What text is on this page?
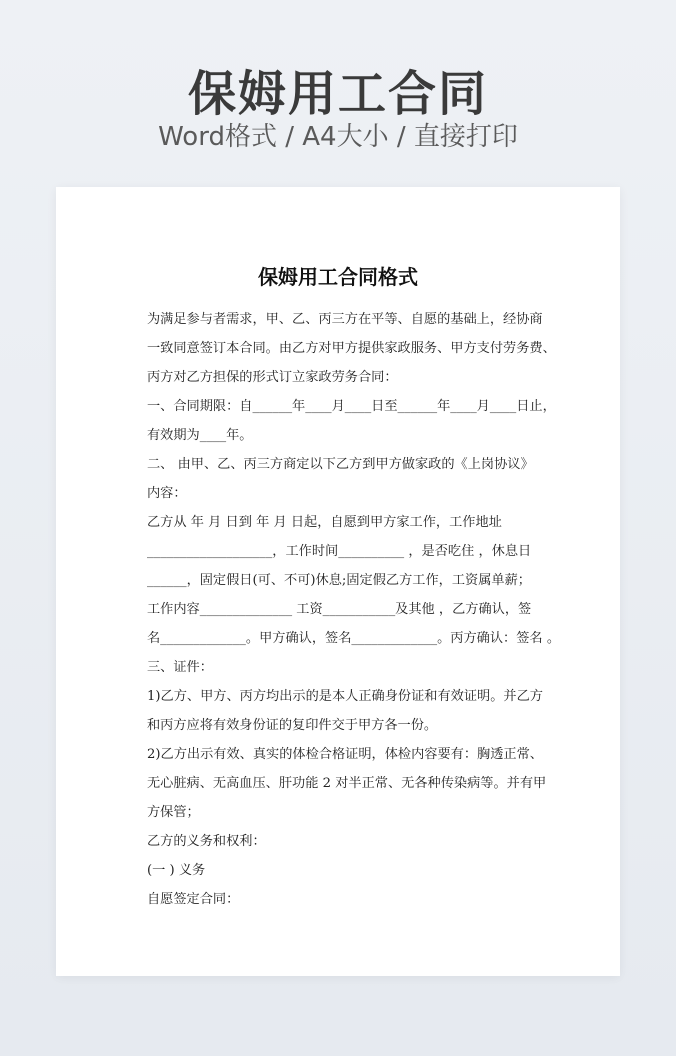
保姆用工合同
Word格式 / A4大小 / 直接打印
保姆用工合同格式

为满足参与者需求，甲、乙、丙三方在平等、自愿的基础上，经协商

一致同意签订本合同。由乙方对甲方提供家政服务、甲方支付劳务费、

丙方对乙方担保的形式订立家政劳务合同：

一、合同期限：自______年____月____日至______年____月____日止，

有效期为____年。

二、 由甲、乙、丙三方商定以下乙方到甲方做家政的《上岗协议》

内容：

乙方从 年 月 日到 年 月 日起，自愿到甲方家工作，工作地址

___________________，工作时间__________ ，是否吃住 ，休息日

______，固定假日(可、不可)休息;固定假乙方工作，工资属单薪；

工作内容______________ 工资___________及其他 ，乙方确认，签

名_____________。甲方确认，签名_____________。丙方确认：签名 。

三、证件：

1)乙方、甲方、丙方均出示的是本人正确身份证和有效证明。并乙方

和丙方应将有效身份证的复印件交于甲方各一份。

2)乙方出示有效、真实的体检合格证明，体检内容要有：胸透正常、

无心脏病、无高血压、肝功能 2 对半正常、无各种传染病等。并有甲

方保管；

乙方的义务和权利：

(一 ) 义务

自愿签定合同：
